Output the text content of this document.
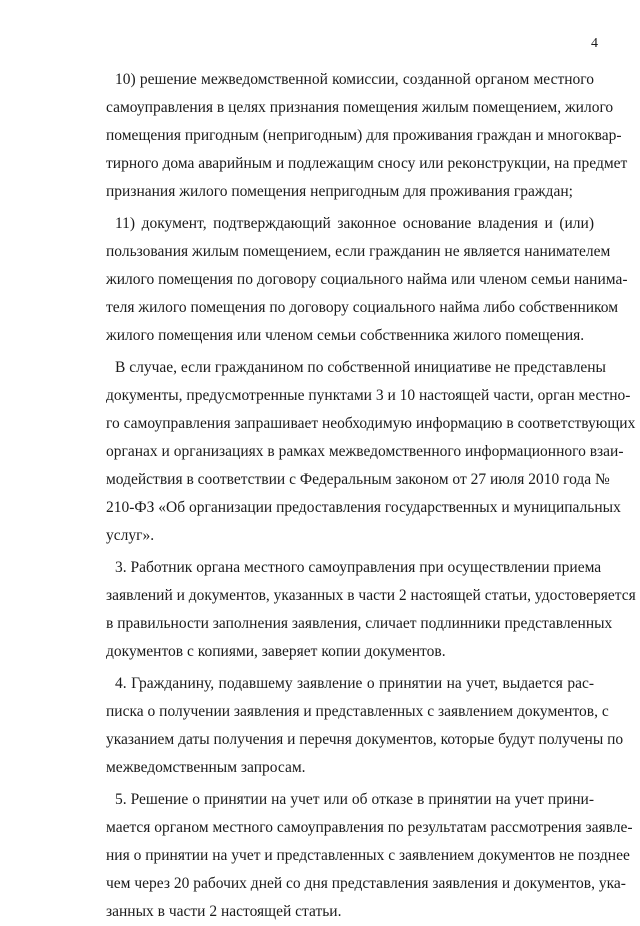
4
10) решение межведомственной комиссии, созданной органом местного
самоуправления в целях признания помещения жилым помещением, жилого
помещения пригодным (непригодным) для проживания граждан и многоквар-
тирного дома аварийным и подлежащим сносу или реконструкции, на предмет
признания жилого помещения непригодным для проживания граждан;
11) документ, подтверждающий законное основание владения и (или)
пользования жилым помещением, если гражданин не является нанимателем
жилого помещения по договору социального найма или членом семьи нанима-
теля жилого помещения по договору социального найма либо собственником
жилого помещения или членом семьи собственника жилого помещения.
В случае, если гражданином по собственной инициативе не представлены
документы, предусмотренные пунктами 3 и 10 настоящей части, орган местно-
го самоуправления запрашивает необходимую информацию в соответствующих
органах и организациях в рамках межведомственного информационного взаи-
модействия в соответствии с Федеральным законом от 27 июля 2010 года №
210-ФЗ «Об организации предоставления государственных и муниципальных
услуг».
3. Работник органа местного самоуправления при осуществлении приема
заявлений и документов, указанных в части 2 настоящей статьи, удостоверяется
в правильности заполнения заявления, сличает подлинники представленных
документов с копиями, заверяет копии документов.
4. Гражданину, подавшему заявление о принятии на учет, выдается рас-
писка о получении заявления и представленных с заявлением документов, с
указанием даты получения и перечня документов, которые будут получены по
межведомственным запросам.
5. Решение о принятии на учет или об отказе в принятии на учет прини-
мается органом местного самоуправления по результатам рассмотрения заявле-
ния о принятии на учет и представленных с заявлением документов не позднее
чем через 20 рабочих дней со дня представления заявления и документов, ука-
занных в части 2 настоящей статьи.
